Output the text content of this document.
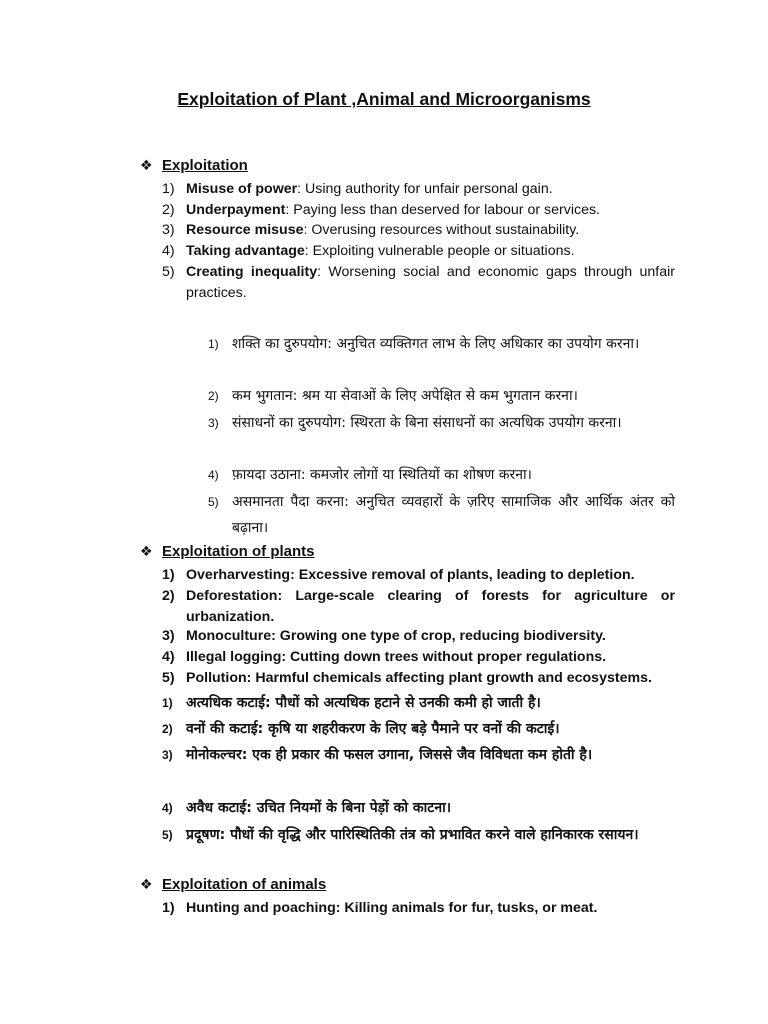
Exploitation of Plant ,Animal and Microorganisms
❖ Exploitation
1) Misuse of power: Using authority for unfair personal gain.
2) Underpayment: Paying less than deserved for labour or services.
3) Resource misuse: Overusing resources without sustainability.
4) Taking advantage: Exploiting vulnerable people or situations.
5) Creating inequality: Worsening social and economic gaps through unfair practices.
1) शक्ति का दुरुपयोग: अनुचित व्यक्तिगत लाभ के लिए अधिकार का उपयोग करना।
2) कम भुगतान: श्रम या सेवाओं के लिए अपेक्षित से कम भुगतान करना।
3) संसाधनों का दुरुपयोग: स्थिरता के बिना संसाधनों का अत्यधिक उपयोग करना।
4) फ़ायदा उठाना: कमजोर लोगों या स्थितियों का शोषण करना।
5) असमानता पैदा करना: अनुचित व्यवहारों के ज़रिए सामाजिक और आर्थिक अंतर को बढ़ाना।
❖ Exploitation of plants
1) Overharvesting: Excessive removal of plants, leading to depletion.
2) Deforestation: Large-scale clearing of forests for agriculture or urbanization.
3) Monoculture: Growing one type of crop, reducing biodiversity.
4) Illegal logging: Cutting down trees without proper regulations.
5) Pollution: Harmful chemicals affecting plant growth and ecosystems.
1) अत्यधिक कटाई: पौधों को अत्यधिक हटाने से उनकी कमी हो जाती है।
2) वनों की कटाई: कृषि या शहरीकरण के लिए बड़े पैमाने पर वनों की कटाई।
3) मोनोकल्चर: एक ही प्रकार की फसल उगाना, जिससे जैव विविधता कम होती है।
4) अवैध कटाई: उचित नियमों के बिना पेड़ों को काटना।
5) प्रदूषण: पौधों की वृद्धि और पारिस्थितिकी तंत्र को प्रभावित करने वाले हानिकारक रसायन।
❖ Exploitation of animals
1) Hunting and poaching: Killing animals for fur, tusks, or meat.
